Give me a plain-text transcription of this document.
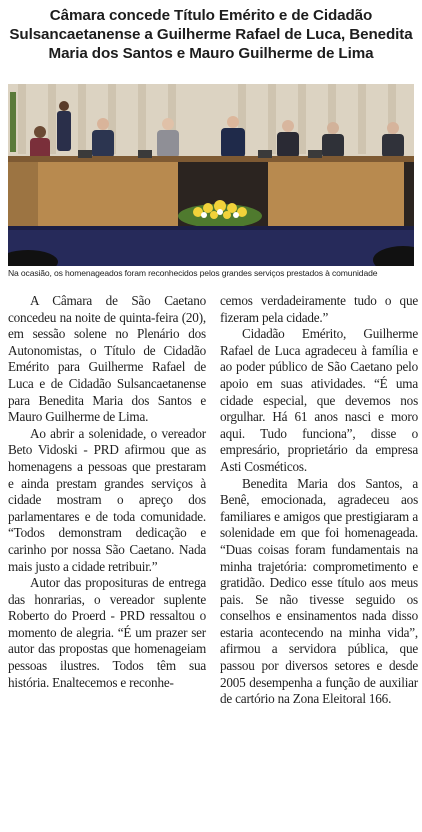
Câmara concede Título Emérito e de Cidadão Sulsancaetanense a Guilherme Rafael de Luca, Benedita Maria dos Santos e Mauro Guilherme de Lima

Na ocasião, os homenageados foram reconhecidos pelos grandes serviços prestados à comunidade

A Câmara de São Caetano concedeu na noite de quinta-feira (20), em sessão solene no Plenário dos Autonomistas, o Título de Cidadão Emérito para Guilherme Rafael de Luca e de Cidadão Sulsancaetanense para Benedita Maria dos Santos e Mauro Guilherme de Lima.

Ao abrir a solenidade, o vereador Beto Vidoski - PRD afirmou que as homenagens a pessoas que prestaram e ainda prestam grandes serviços à cidade mostram o apreço dos parlamentares e de toda comunidade. “Todos demonstram dedicação e carinho por nossa São Caetano. Nada mais justo a cidade retribuir.”

Autor das proposituras de entrega das honrarias, o vereador suplente Roberto do Proerd - PRD ressaltou o momento de alegria. “É um prazer ser autor das propostas que homenageiam pessoas ilustres. Todos têm sua história. Enaltecemos e reconhe-

cemos verdadeiramente tudo o que fizeram pela cidade.”

Cidadão Emérito, Guilherme Rafael de Luca agradeceu à família e ao poder público de São Caetano pelo apoio em suas atividades. “É uma cidade especial, que devemos nos orgulhar. Há 61 anos nasci e moro aqui. Tudo funciona”, disse o empresário, proprietário da empresa Asti Cosméticos.

Benedita Maria dos Santos, a Benê, emocionada, agradeceu aos familiares e amigos que prestigiaram a solenidade em que foi homenageada. “Duas coisas foram fundamentais na minha trajetória: comprometimento e gratidão. Dedico esse título aos meus pais. Se não tivesse seguido os conselhos e ensinamentos nada disso estaria acontecendo na minha vida”, afirmou a servidora pública, que passou por diversos setores e desde 2005 desempenha a função de auxiliar de cartório na Zona Eleitoral 166.
